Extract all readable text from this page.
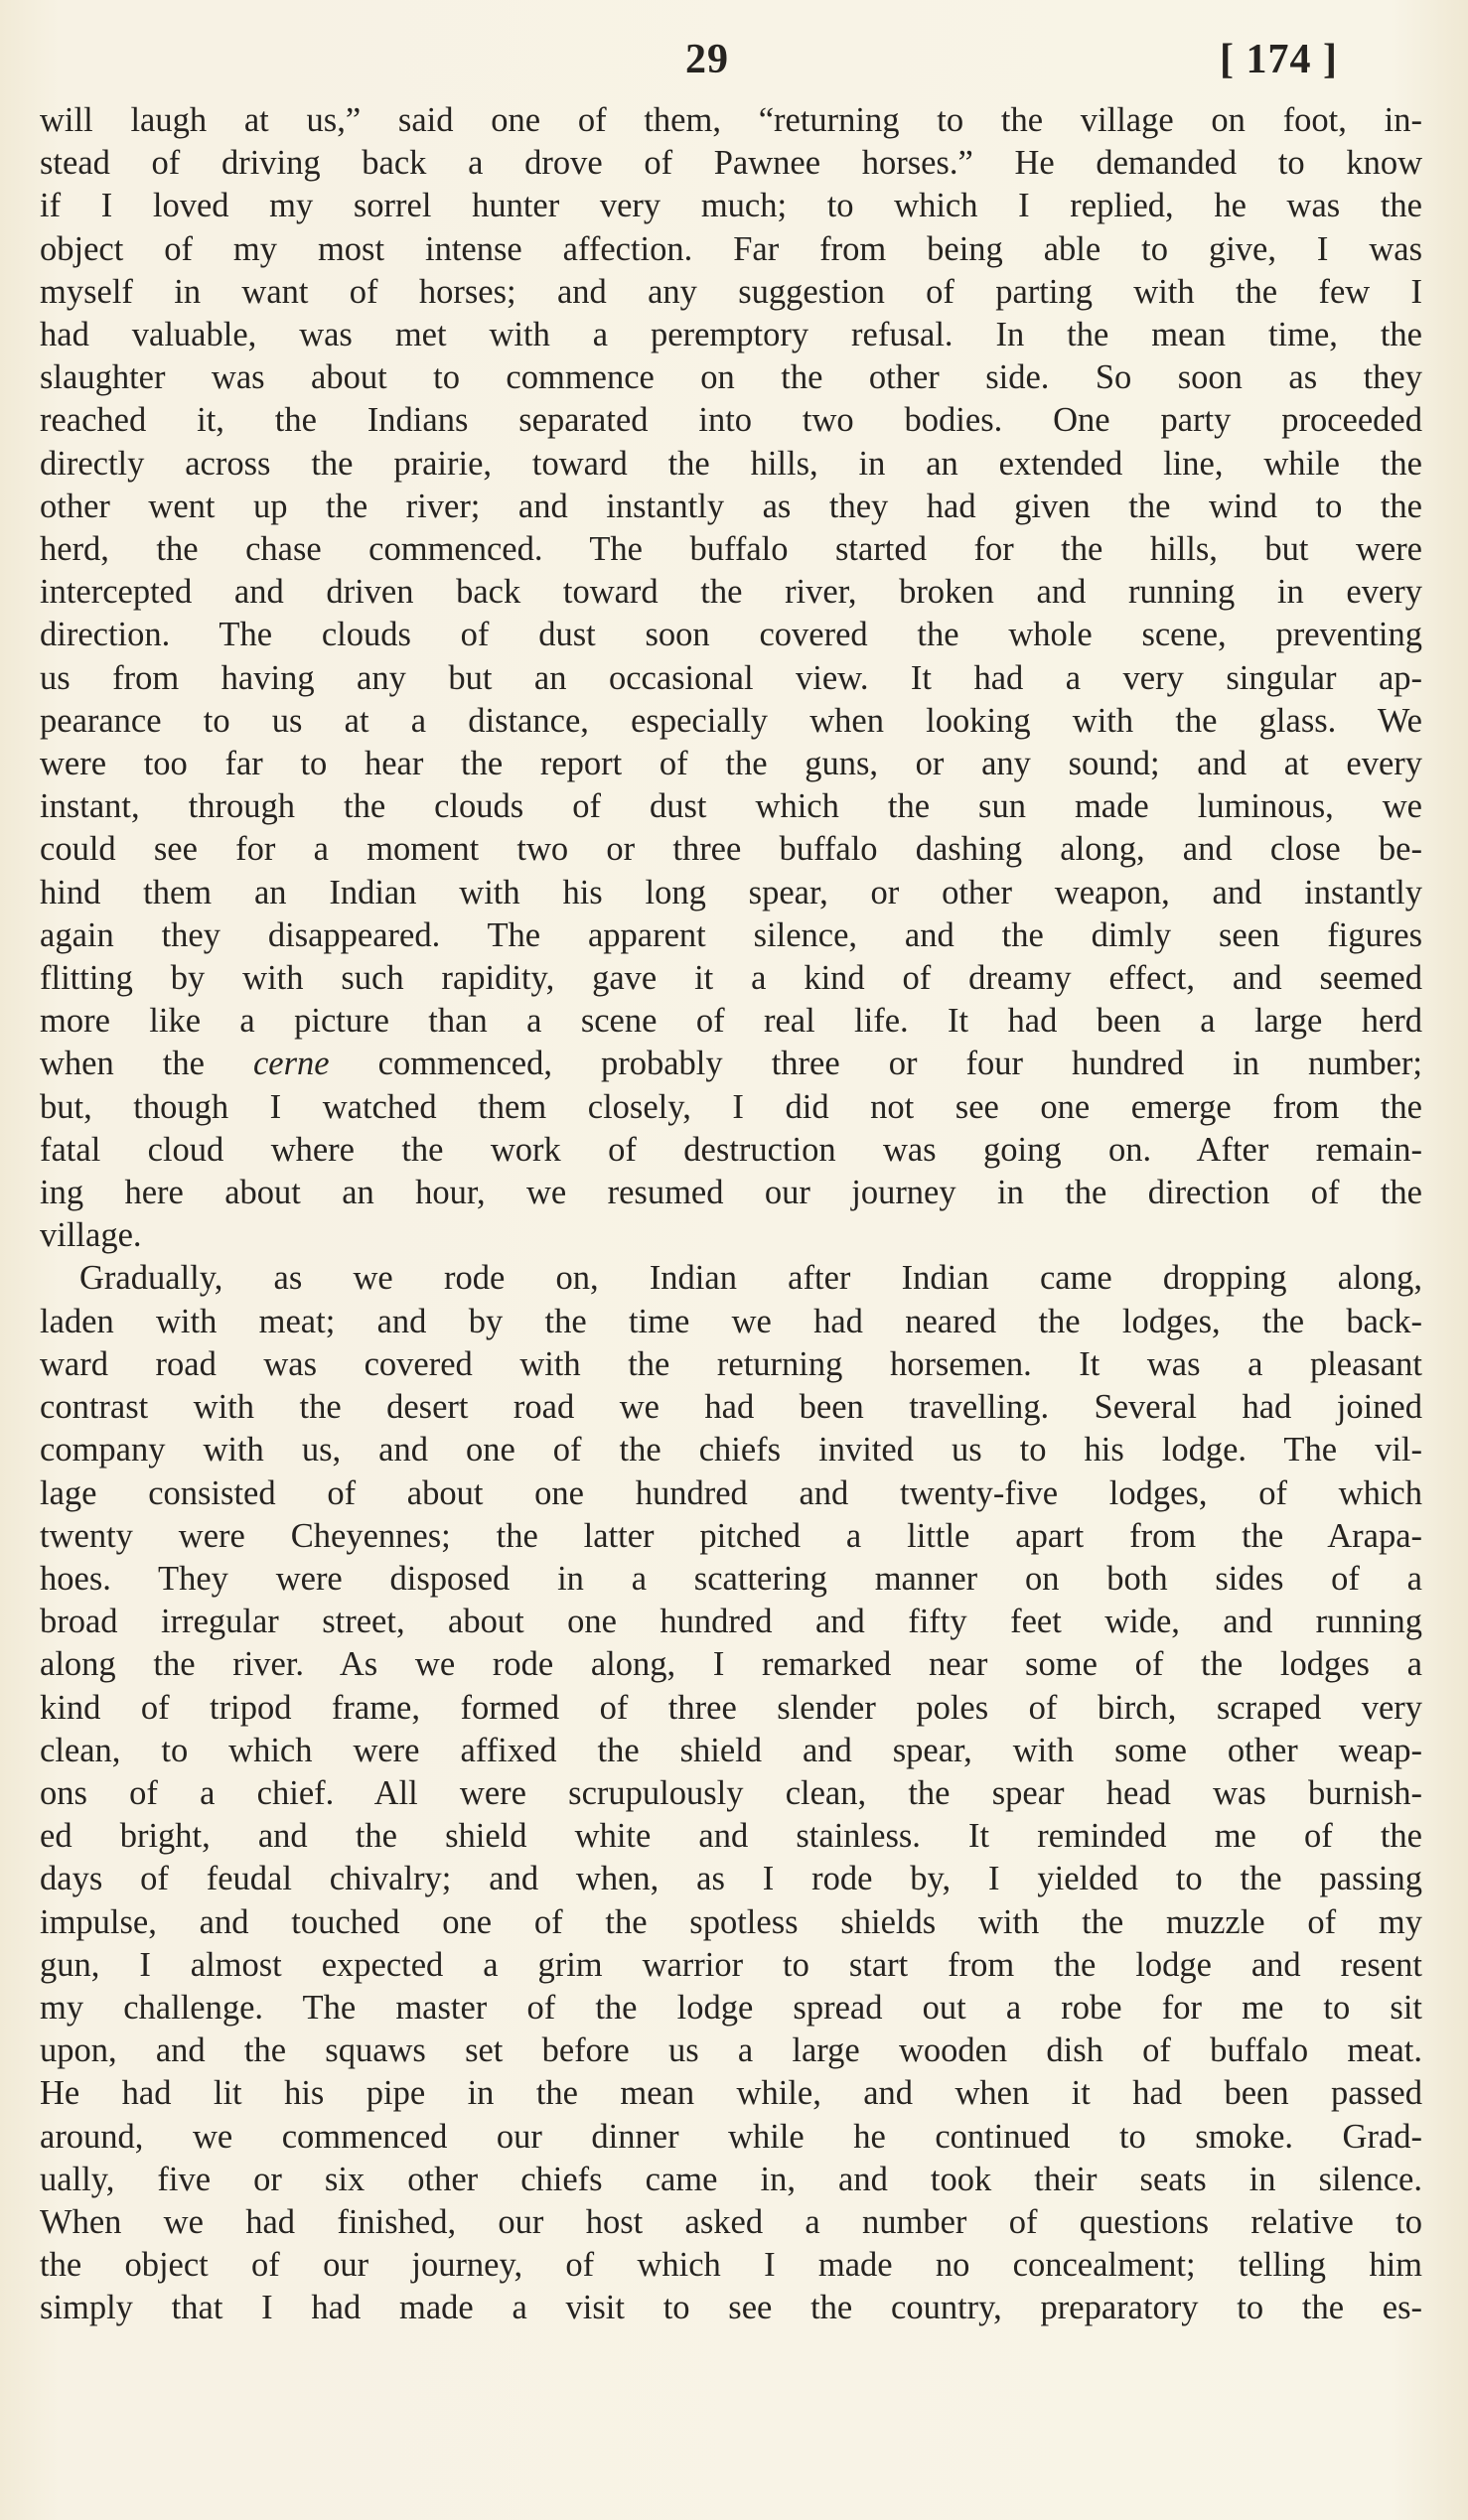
29	[ 174 ]
will laugh at us,” said one of them, “returning to the village on foot, in-
stead of driving back a drove of Pawnee horses.” He demanded to know
if I loved my sorrel hunter very much; to which I replied, he was the
object of my most intense affection. Far from being able to give, I was
myself in want of horses; and any suggestion of parting with the few I
had valuable, was met with a peremptory refusal. In the mean time, the
slaughter was about to commence on the other side. So soon as they
reached it, the Indians separated into two bodies. One party proceeded
directly across the prairie, toward the hills, in an extended line, while the
other went up the river; and instantly as they had given the wind to the
herd, the chase commenced. The buffalo started for the hills, but were
intercepted and driven back toward the river, broken and running in every
direction. The clouds of dust soon covered the whole scene, preventing
us from having any but an occasional view. It had a very singular ap-
pearance to us at a distance, especially when looking with the glass. We
were too far to hear the report of the guns, or any sound; and at every
instant, through the clouds of dust which the sun made luminous, we
could see for a moment two or three buffalo dashing along, and close be-
hind them an Indian with his long spear, or other weapon, and instantly
again they disappeared. The apparent silence, and the dimly seen figures
flitting by with such rapidity, gave it a kind of dreamy effect, and seemed
more like a picture than a scene of real life. It had been a large herd
when the cerne commenced, probably three or four hundred in number;
but, though I watched them closely, I did not see one emerge from the
fatal cloud where the work of destruction was going on. After remain-
ing here about an hour, we resumed our journey in the direction of the
village.
Gradually, as we rode on, Indian after Indian came dropping along,
laden with meat; and by the time we had neared the lodges, the back-
ward road was covered with the returning horsemen. It was a pleasant
contrast with the desert road we had been travelling. Several had joined
company with us, and one of the chiefs invited us to his lodge. The vil-
lage consisted of about one hundred and twenty-five lodges, of which
twenty were Cheyennes; the latter pitched a little apart from the Arapa-
hoes. They were disposed in a scattering manner on both sides of a
broad irregular street, about one hundred and fifty feet wide, and running
along the river. As we rode along, I remarked near some of the lodges a
kind of tripod frame, formed of three slender poles of birch, scraped very
clean, to which were affixed the shield and spear, with some other weap-
ons of a chief. All were scrupulously clean, the spear head was burnish-
ed bright, and the shield white and stainless. It reminded me of the
days of feudal chivalry; and when, as I rode by, I yielded to the passing
impulse, and touched one of the spotless shields with the muzzle of my
gun, I almost expected a grim warrior to start from the lodge and resent
my challenge. The master of the lodge spread out a robe for me to sit
upon, and the squaws set before us a large wooden dish of buffalo meat.
He had lit his pipe in the mean while, and when it had been passed
around, we commenced our dinner while he continued to smoke. Grad-
ually, five or six other chiefs came in, and took their seats in silence.
When we had finished, our host asked a number of questions relative to
the object of our journey, of which I made no concealment; telling him
simply that I had made a visit to see the country, preparatory to the es-
